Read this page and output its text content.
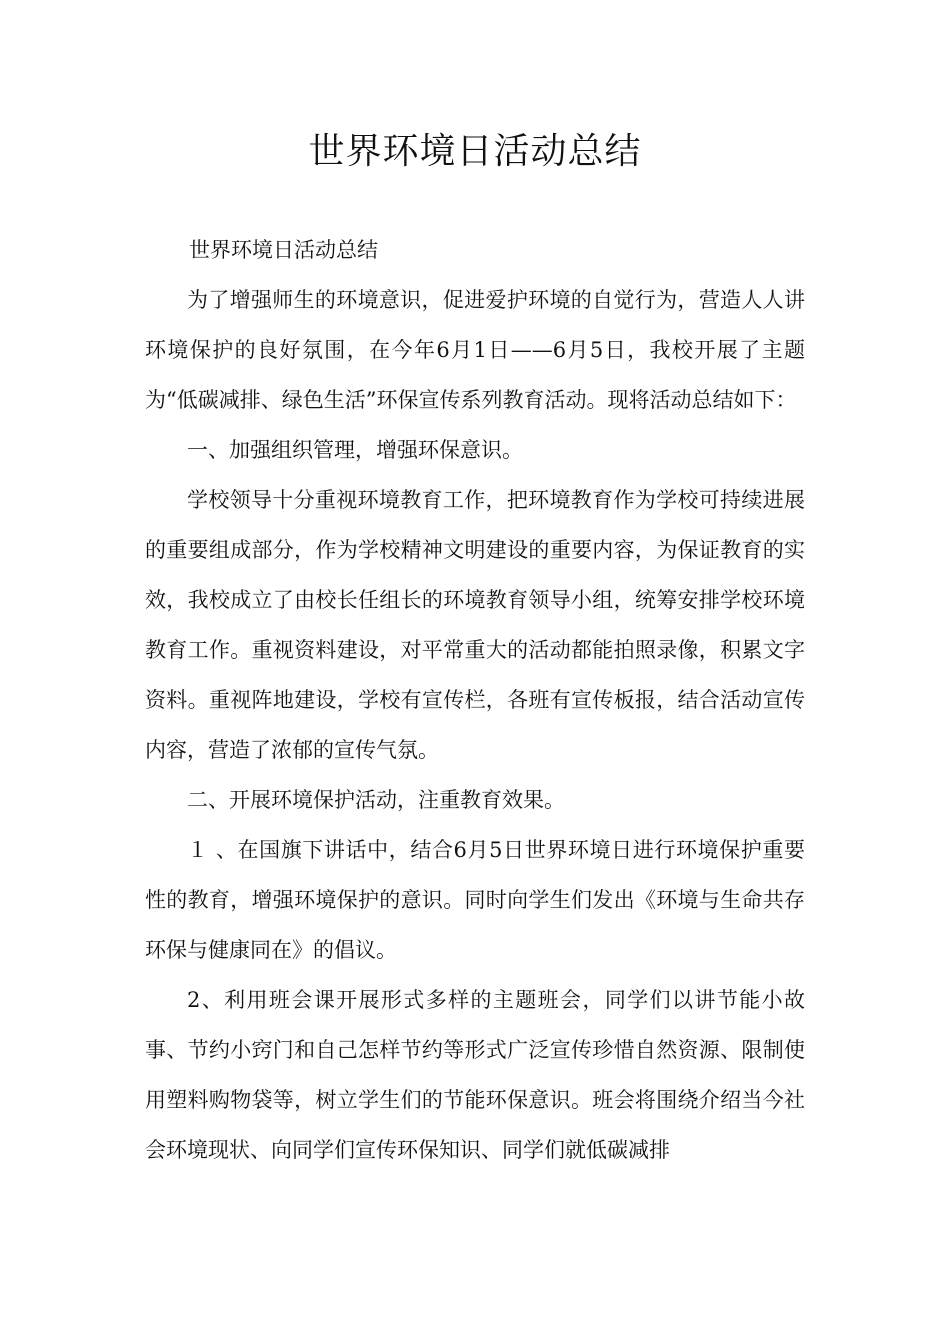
世界环境日活动总结

世界环境日活动总结

为了增强师生的环境意识，促进爱护环境的自觉行为，营造人人讲环境保护的良好氛围，在今年6月1日——6月5日，我校开展了主题为“低碳减排、绿色生活”环保宣传系列教育活动。现将活动总结如下：

一、加强组织管理，增强环保意识。

学校领导十分重视环境教育工作，把环境教育作为学校可持续进展的重要组成部分，作为学校精神文明建设的重要内容，为保证教育的实效，我校成立了由校长任组长的环境教育领导小组，统筹安排学校环境教育工作。重视资料建设，对平常重大的活动都能拍照录像，积累文字资料。重视阵地建设，学校有宣传栏，各班有宣传板报，结合活动宣传内容，营造了浓郁的宣传气氛。

二、开展环境保护活动，注重教育效果。

１ 、在国旗下讲话中，结合6月5日世界环境日进行环境保护重要性的教育，增强环境保护的意识。同时向学生们发出《环境与生命共存 环保与健康同在》的倡议。

2、利用班会课开展形式多样的主题班会，同学们以讲节能小故事、节约小窍门和自己怎样节约等形式广泛宣传珍惜自然资源、限制使用塑料购物袋等，树立学生们的节能环保意识。班会将围绕介绍当今社会环境现状、向同学们宣传环保知识、同学们就低碳减排
